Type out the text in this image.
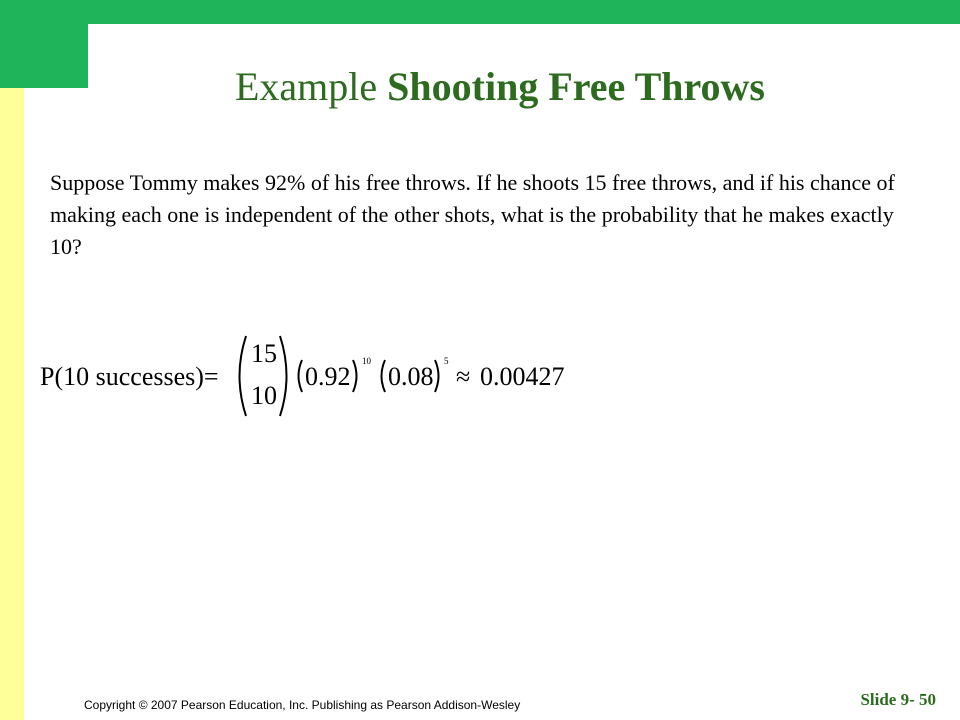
Example Shooting Free Throws

Suppose Tommy makes 92% of his free throws. If he shoots 15 free throws, and if his chance of making each one is independent of the other shots, what is the probability that he makes exactly 10?

P(10 successes)=
15
10
0.92
10
0.08
5
≈ 0.00427
Copyright © 2007 Pearson Education, Inc. Publishing as Pearson Addison-Wesley	Slide 9- 50
